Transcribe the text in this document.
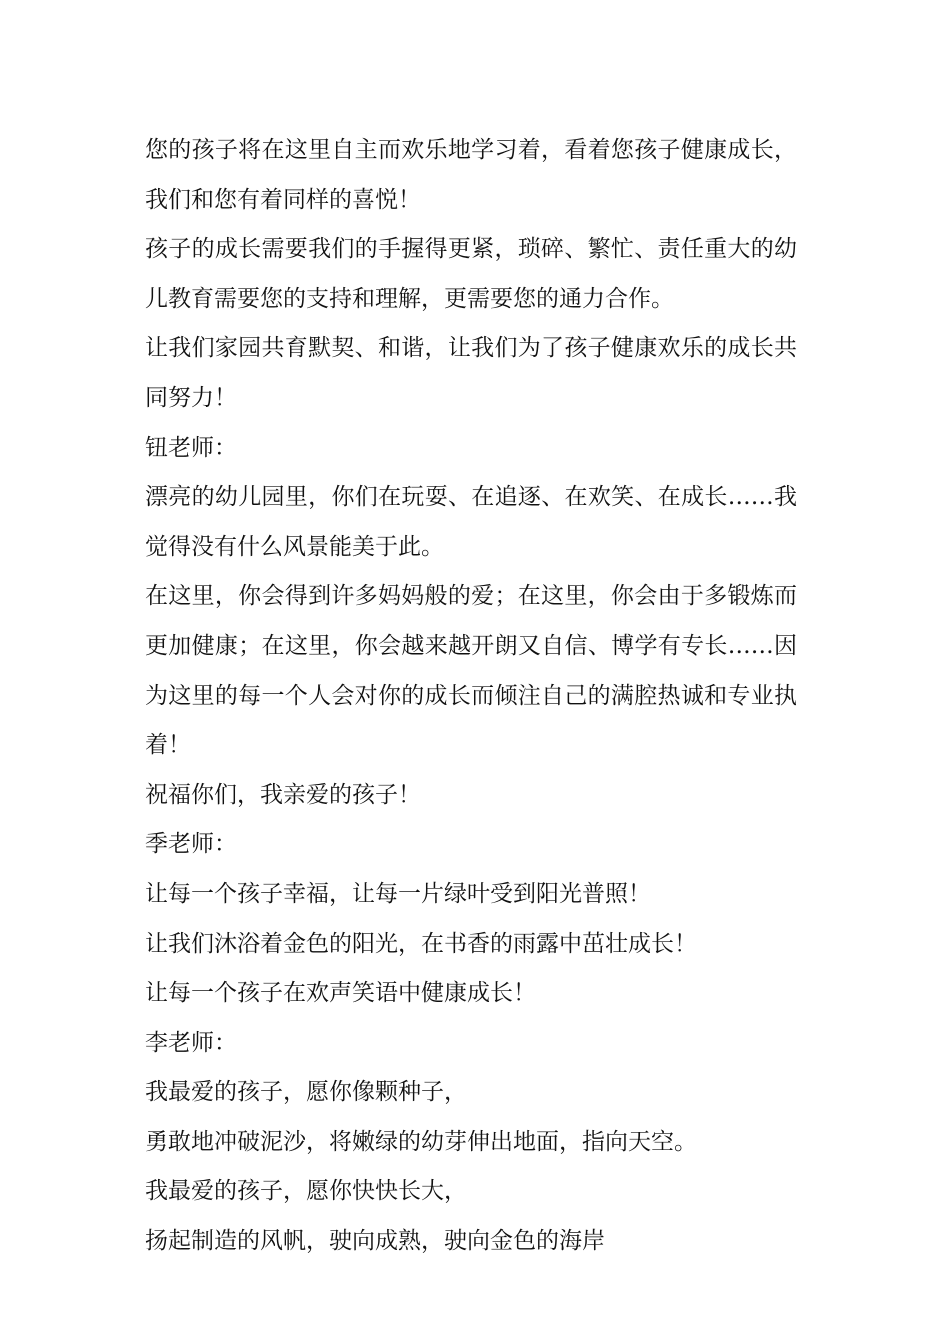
您的孩子将在这里自主而欢乐地学习着，看着您孩子健康成长，我们和您有着同样的喜悦！

孩子的成长需要我们的手握得更紧，琐碎、繁忙、责任重大的幼儿教育需要您的支持和理解，更需要您的通力合作。

让我们家园共育默契、和谐，让我们为了孩子健康欢乐的成长共同努力！

钮老师：

漂亮的幼儿园里，你们在玩耍、在追逐、在欢笑、在成长……我觉得没有什么风景能美于此。

在这里，你会得到许多妈妈般的爱；在这里，你会由于多锻炼而更加健康；在这里，你会越来越开朗又自信、博学有专长……因为这里的每一个人会对你的成长而倾注自己的满腔热诚和专业执着！

祝福你们，我亲爱的孩子！

季老师：

让每一个孩子幸福，让每一片绿叶受到阳光普照！

让我们沐浴着金色的阳光，在书香的雨露中茁壮成长！

让每一个孩子在欢声笑语中健康成长！

李老师：

我最爱的孩子，愿你像颗种子，

勇敢地冲破泥沙，将嫩绿的幼芽伸出地面，指向天空。

我最爱的孩子，愿你快快长大，

扬起制造的风帆，驶向成熟，驶向金色的海岸
